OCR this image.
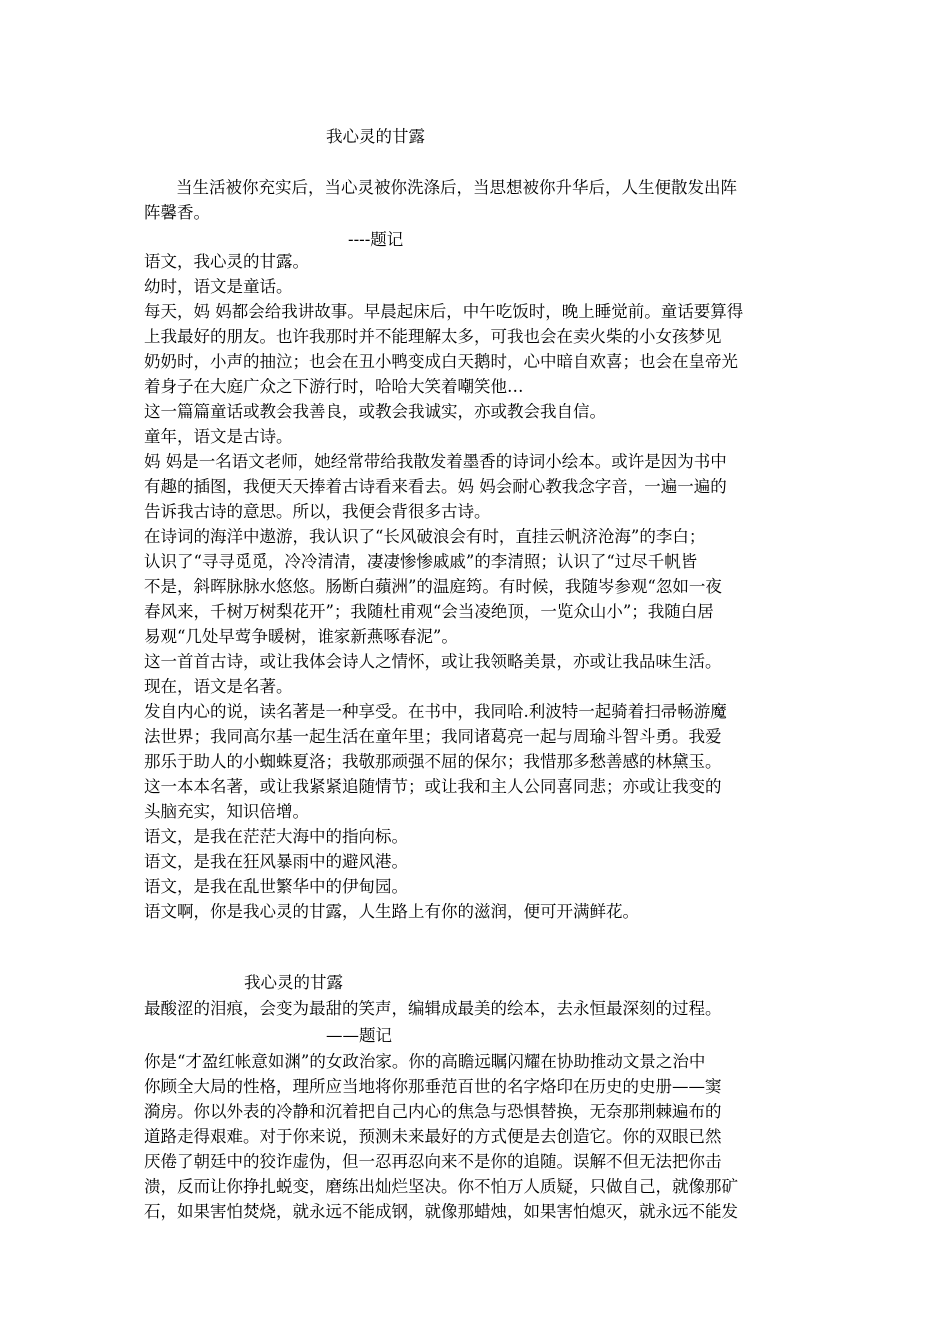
我心灵的甘露
当生活被你充实后，当心灵被你洗涤后，当思想被你升华后，人生便散发出阵
阵馨香。
----题记
语文，我心灵的甘露。
幼时，语文是童话。
每天，妈 妈都会给我讲故事。早晨起床后，中午吃饭时，晚上睡觉前。童话要算得
上我最好的朋友。也许我那时并不能理解太多，可我也会在卖火柴的小女孩梦见
奶奶时，小声的抽泣；也会在丑小鸭变成白天鹅时，心中暗自欢喜；也会在皇帝光
着身子在大庭广众之下游行时，哈哈大笑着嘲笑他…
这一篇篇童话或教会我善良，或教会我诚实，亦或教会我自信。
童年，语文是古诗。
妈 妈是一名语文老师，她经常带给我散发着墨香的诗词小绘本。或许是因为书中
有趣的插图，我便天天捧着古诗看来看去。妈 妈会耐心教我念字音，一遍一遍的
告诉我古诗的意思。所以，我便会背很多古诗。
在诗词的海洋中遨游，我认识了“长风破浪会有时，直挂云帆济沧海”的李白；
认识了“寻寻觅觅，冷冷清清，凄凄惨惨戚戚”的李清照；认识了“过尽千帆皆
不是，斜晖脉脉水悠悠。肠断白蘋洲”的温庭筠。有时候，我随岑参观“忽如一夜
春风来，千树万树梨花开”；我随杜甫观“会当凌绝顶，一览众山小”；我随白居
易观“几处早莺争暖树，谁家新燕啄春泥”。
这一首首古诗，或让我体会诗人之情怀，或让我领略美景，亦或让我品味生活。
现在，语文是名著。
发自内心的说，读名著是一种享受。在书中，我同哈.利波特一起骑着扫帚畅游魔
法世界；我同高尔基一起生活在童年里；我同诸葛亮一起与周瑜斗智斗勇。我爱
那乐于助人的小蜘蛛夏洛；我敬那顽强不屈的保尔；我惜那多愁善感的林黛玉。
这一本本名著，或让我紧紧追随情节；或让我和主人公同喜同悲；亦或让我变的
头脑充实，知识倍增。
语文，是我在茫茫大海中的指向标。
语文，是我在狂风暴雨中的避风港。
语文，是我在乱世繁华中的伊甸园。
语文啊，你是我心灵的甘露，人生路上有你的滋润，便可开满鲜花。
我心灵的甘露
最酸涩的泪痕，会变为最甜的笑声，编辑成最美的绘本，去永恒最深刻的过程。
——题记
你是“才盈红帐意如渊”的女政治家。你的高瞻远瞩闪耀在协助推动文景之治中
你顾全大局的性格，理所应当地将你那垂范百世的名字烙印在历史的史册——窦
漪房。你以外表的冷静和沉着把自己内心的焦急与恐惧替换，无奈那荆棘遍布的
道路走得艰难。对于你来说，预测未来最好的方式便是去创造它。你的双眼已然
厌倦了朝廷中的狡诈虚伪，但一忍再忍向来不是你的追随。误解不但无法把你击
溃，反而让你挣扎蜕变，磨练出灿烂坚决。你不怕万人质疑，只做自己，就像那矿
石，如果害怕焚烧，就永远不能成钢，就像那蜡烛，如果害怕熄灭，就永远不能发
